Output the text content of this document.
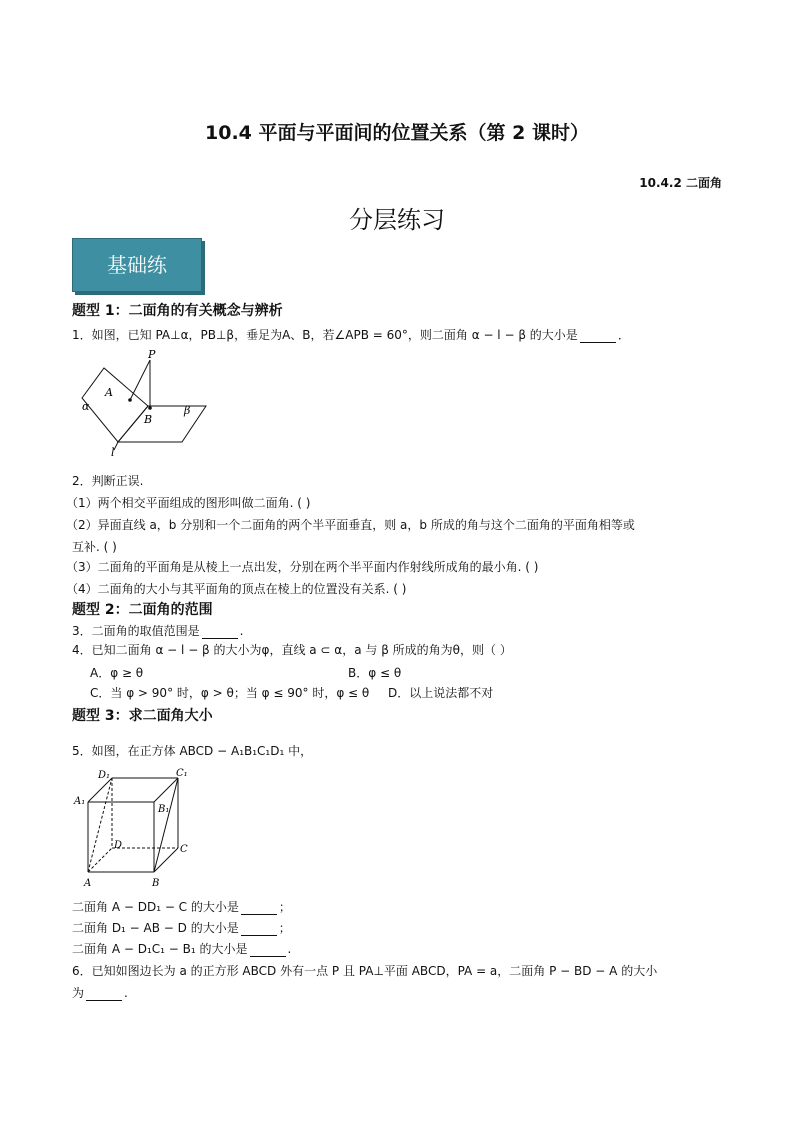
10.4 平面与平面间的位置关系（第 2 课时）
10.4.2 二面角
分层练习
基础练
题型 1：二面角的有关概念与辨析
1．如图，已知 PA⊥α，PB⊥β，垂足为A、B，若∠APB = 60°，则二面角 α − l − β 的大小是	．
P
A
B
α	β
l
2．判断正误.
（1）两个相交平面组成的图形叫做二面角. ( )
（2）异面直线 a，b 分别和一个二面角的两个半平面垂直，则 a，b 所成的角与这个二面角的平面角相等或
互补. ( )
（3）二面角的平面角是从棱上一点出发，分别在两个半平面内作射线所成角的最小角. ( )
（4）二面角的大小与其平面角的顶点在棱上的位置没有关系. ( )
题型 2：二面角的范围
3．二面角的取值范围是	.
4．已知二面角 α − l − β 的大小为φ，直线 a ⊂ α，a 与 β 所成的角为θ，则（ ）
A．φ ≥ θ	B．φ ≤ θ
C．当 φ > 90° 时，φ > θ；当 φ ≤ 90° 时，φ ≤ θ D．以上说法都不对
题型 3：求二面角大小
5．如图，在正方体 ABCD − A₁B₁C₁D₁ 中，
D₁	C₁
A₁
B₁
D	C
A	B
二面角 A − DD₁ − C 的大小是	；
二面角 D₁ − AB − D 的大小是	；
二面角 A − D₁C₁ − B₁ 的大小是	.
6．已知如图边长为 a 的正方形 ABCD 外有一点 P 且 PA⊥平面 ABCD，PA = a，二面角 P − BD − A 的大小
为	.
